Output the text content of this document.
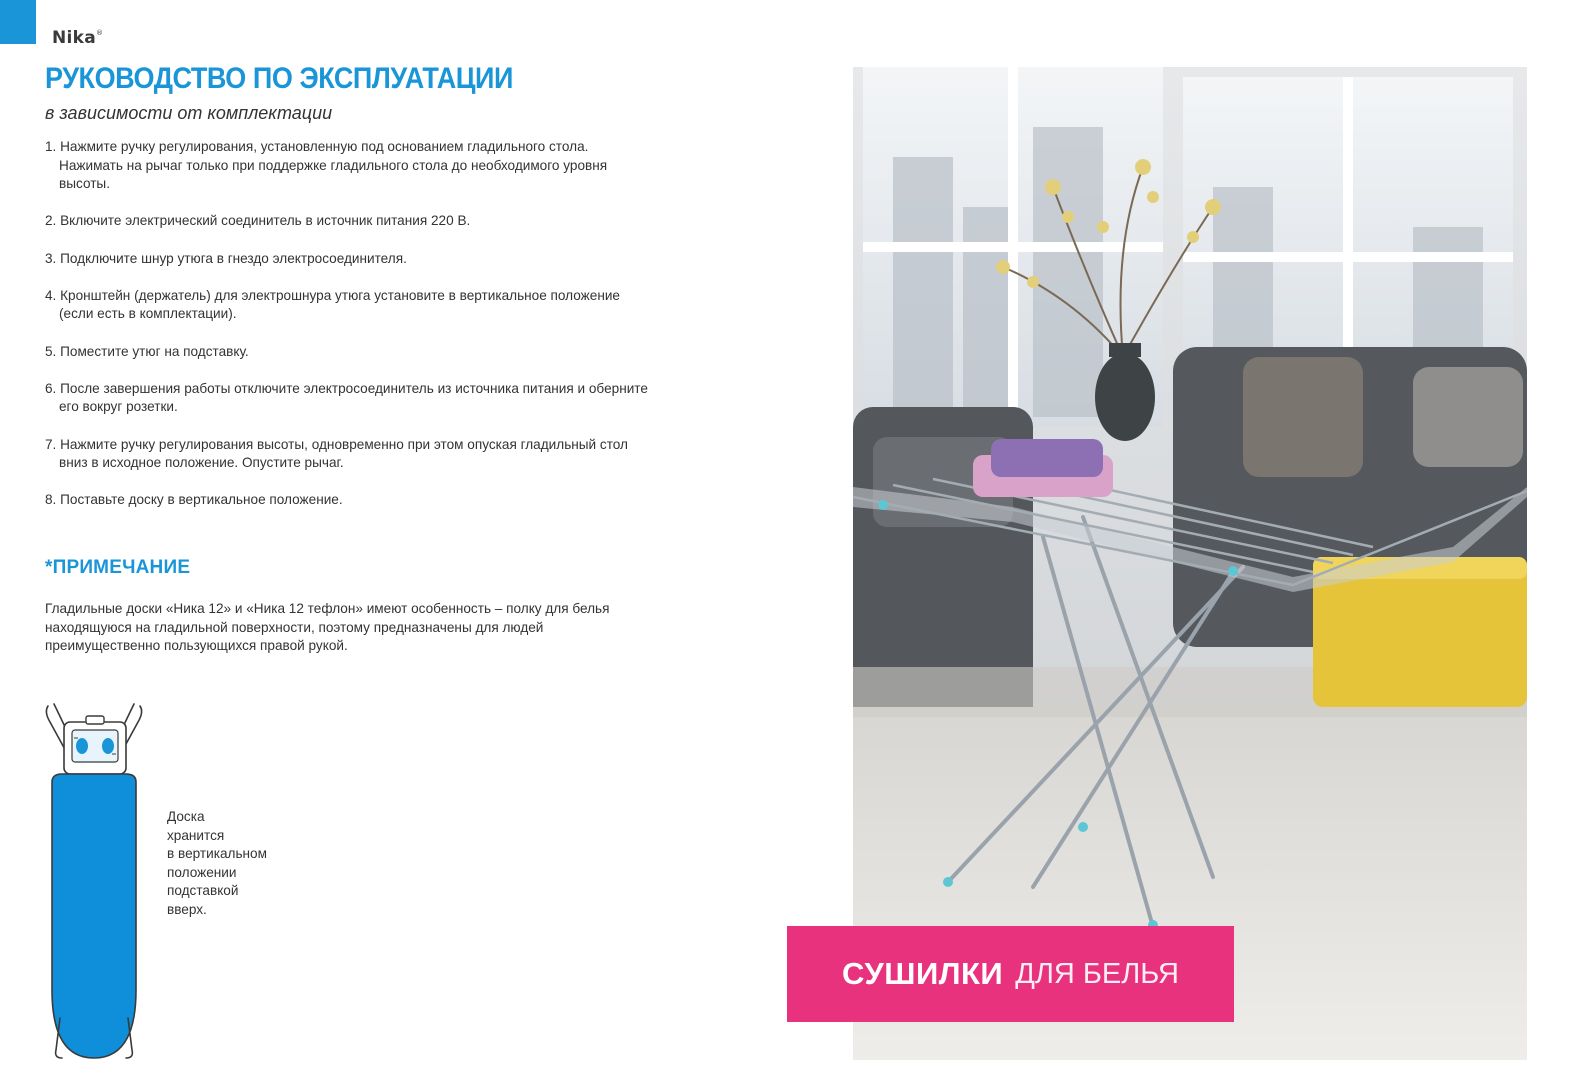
Nika®
РУКОВОДСТВО ПО ЭКСПЛУАТАЦИИ
в зависимости от комплектации
1. Нажмите ручку регулирования, установленную под основанием гладильного стола. Нажимать на рычаг только при поддержке гладильного стола до необходимого уровня высоты.
2. Включите электрический соединитель в источник питания 220 В.
3. Подключите шнур утюга в гнездо электросоединителя.
4. Кронштейн (держатель) для электрошнура утюга установите в вертикальное положение (если есть в комплектации).
5. Поместите утюг на подставку.
6. После завершения работы отключите электросоединитель из источника питания и оберните его вокруг розетки.
7. Нажмите ручку регулирования высоты, одновременно при этом опуская гладильный стол вниз в исходное положение. Опустите рычаг.
8. Поставьте доску в вертикальное положение.
*ПРИМЕЧАНИЕ
Гладильные доски «Ника 12» и «Ника 12 тефлон» имеют особенность – полку для белья находящуюся на гладильной поверхности, поэтому предназначены для людей преимущественно пользующихся правой рукой.
Доска
хранится
в вертикальном
положении
подставкой
вверх.
СУШИЛКИ ДЛЯ БЕЛЬЯ
